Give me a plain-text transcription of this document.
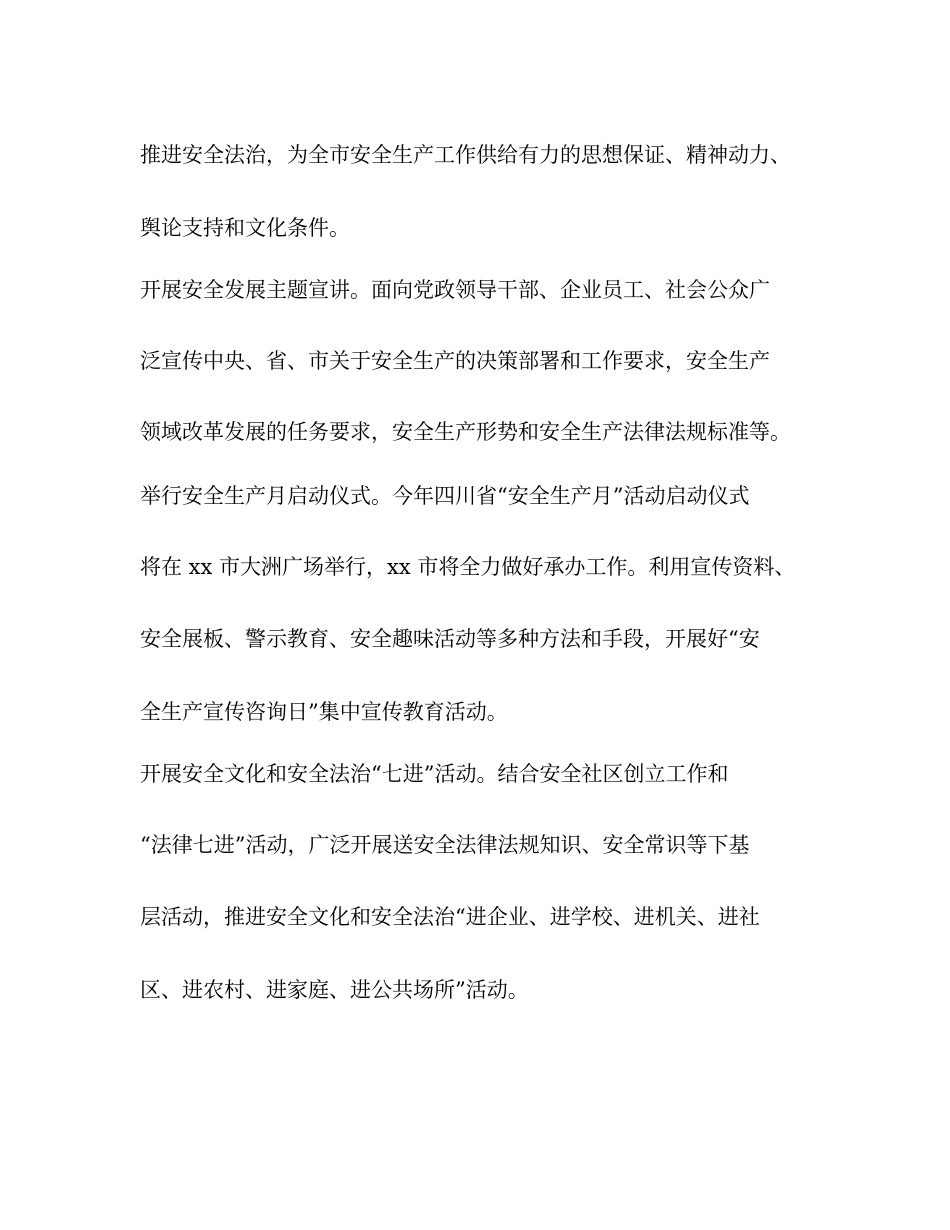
推进安全法治，为全市安全生产工作供给有力的思想保证、精神动力、
舆论支持和文化条件。
开展安全发展主题宣讲。面向党政领导干部、企业员工、社会公众广
泛宣传中央、省、市关于安全生产的决策部署和工作要求，安全生产
领域改革发展的任务要求，安全生产形势和安全生产法律法规标准等。
举行安全生产月启动仪式。今年四川省“安全生产月”活动启动仪式
将在 xx 市大洲广场举行，xx 市将全力做好承办工作。利用宣传资料、
安全展板、警示教育、安全趣味活动等多种方法和手段，开展好“安
全生产宣传咨询日”集中宣传教育活动。
开展安全文化和安全法治“七进”活动。结合安全社区创立工作和
“法律七进”活动，广泛开展送安全法律法规知识、安全常识等下基
层活动，推进安全文化和安全法治“进企业、进学校、进机关、进社
区、进农村、进家庭、进公共场所”活动。
